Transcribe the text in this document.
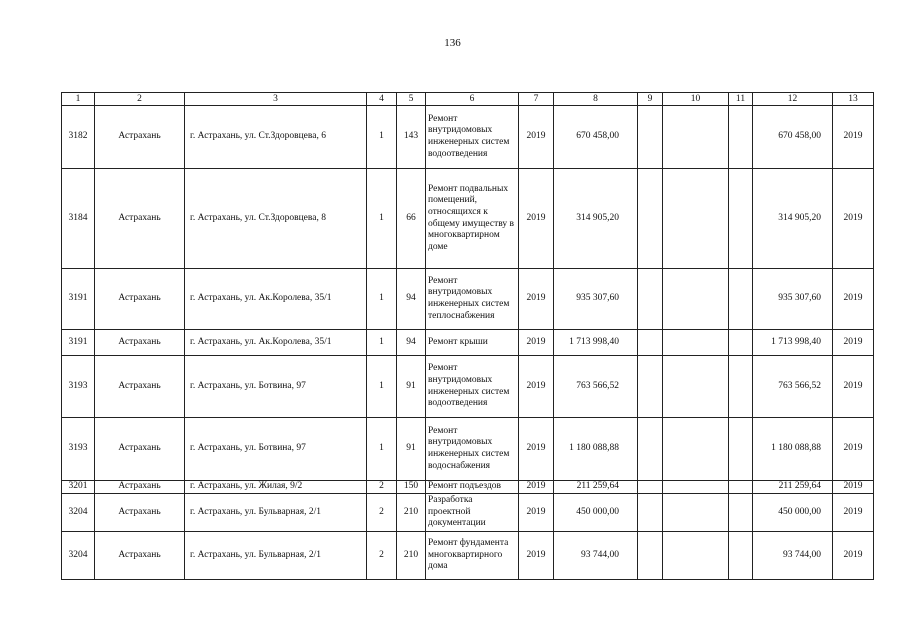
136
1	2	3	4	5	6	7	8	9	10	11	12	13
3182	Астрахань	г. Астрахань, ул. Ст.Здоровцева, 6	1	143	Ремонт внутридомовых инженерных систем водоотведения	2019	670 458,00				670 458,00	2019
3184	Астрахань	г. Астрахань, ул. Ст.Здоровцева, 8	1	66	Ремонт подвальных помещений, относящихся к общему имуществу в многоквартирном доме	2019	314 905,20				314 905,20	2019
3191	Астрахань	г. Астрахань, ул. Ак.Королева, 35/1	1	94	Ремонт внутридомовых инженерных систем теплоснабжения	2019	935 307,60				935 307,60	2019
3191	Астрахань	г. Астрахань, ул. Ак.Королева, 35/1	1	94	Ремонт крыши	2019	1 713 998,40				1 713 998,40	2019
3193	Астрахань	г. Астрахань, ул. Ботвина, 97	1	91	Ремонт внутридомовых инженерных систем водоотведения	2019	763 566,52				763 566,52	2019
3193	Астрахань	г. Астрахань, ул. Ботвина, 97	1	91	Ремонт внутридомовых инженерных систем водоснабжения	2019	1 180 088,88				1 180 088,88	2019
3201	Астрахань	г. Астрахань, ул. Жилая, 9/2	2	150	Ремонт подъездов	2019	211 259,64				211 259,64	2019
3204	Астрахань	г. Астрахань, ул. Бульварная, 2/1	2	210	Разработка проектной документации	2019	450 000,00				450 000,00	2019
3204	Астрахань	г. Астрахань, ул. Бульварная, 2/1	2	210	Ремонт фундамента многоквартирного дома	2019	93 744,00				93 744,00	2019
